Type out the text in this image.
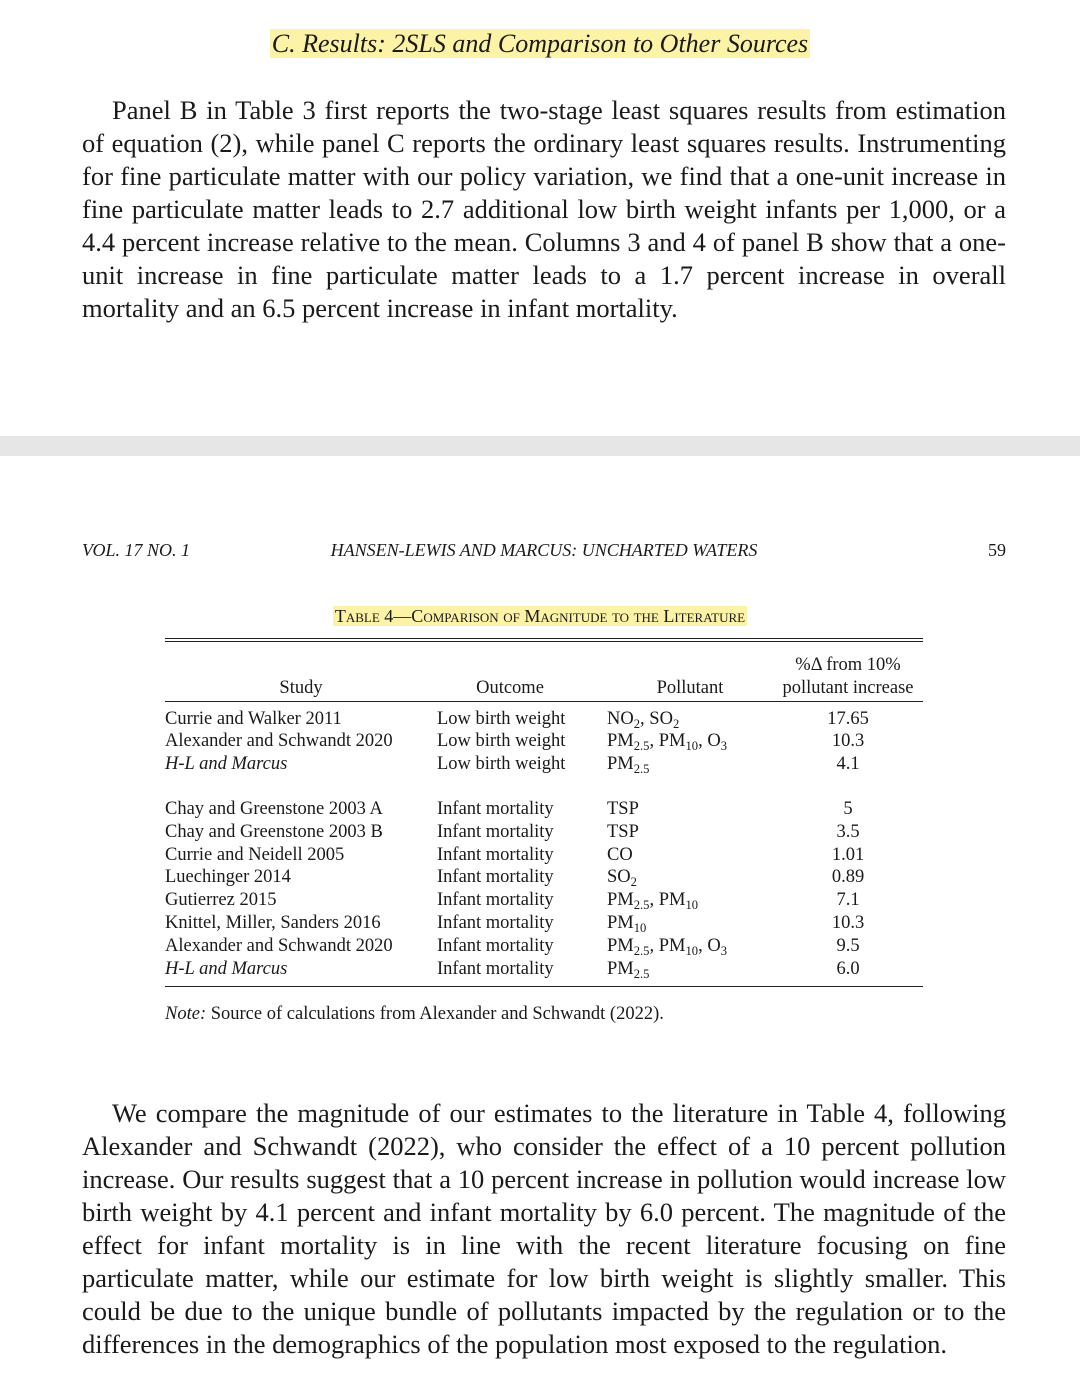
C. Results: 2SLS and Comparison to Other Sources

Panel B in Table 3 first reports the two-stage least squares results from estimation of equation (2), while panel C reports the ordinary least squares results. Instrumenting for fine particulate matter with our policy variation, we find that a one-unit increase in fine particulate matter leads to 2.7 additional low birth weight infants per 1,000, or a 4.4 percent increase relative to the mean. Columns 3 and 4 of panel B show that a one-unit increase in fine particulate matter leads to a 1.7 percent increase in overall mortality and an 6.5 percent increase in infant mortality.

VOL. 17 NO. 1	HANSEN-LEWIS AND MARCUS: UNCHARTED WATERS	59
Table 4—Comparison of Magnitude to the Literature
Study	Outcome	Pollutant
%Δ from 10%
pollutant increase
Currie and Walker 2011	Low birth weight	$NO_2$, $SO_2$	17.65
Alexander and Schwandt 2020	Low birth weight	$PM_{2.5}$, $PM_{10}$, $O_3$	10.3
H-L and Marcus	Low birth weight	$PM_{2.5}$	4.1
Chay and Greenstone 2003 A	Infant mortality	TSP	5
Chay and Greenstone 2003 B	Infant mortality	TSP	3.5
Currie and Neidell 2005	Infant mortality	CO	1.01
Luechinger 2014	Infant mortality	$SO_2$	0.89
Gutierrez 2015	Infant mortality	$PM_{2.5}$, $PM_{10}$	7.1
Knittel, Miller, Sanders 2016	Infant mortality	$PM_{10}$	10.3
Alexander and Schwandt 2020	Infant mortality	$PM_{2.5}$, $PM_{10}$, $O_3$	9.5
H-L and Marcus	Infant mortality	$PM_{2.5}$	6.0
Note: Source of calculations from Alexander and Schwandt (2022).

We compare the magnitude of our estimates to the literature in Table 4, following Alexander and Schwandt (2022), who consider the effect of a 10 percent pollution increase. Our results suggest that a 10 percent increase in pollution would increase low birth weight by 4.1 percent and infant mortality by 6.0 percent. The magnitude of the effect for infant mortality is in line with the recent literature focusing on fine particulate matter, while our estimate for low birth weight is slightly smaller. This could be due to the unique bundle of pollutants impacted by the regulation or to the differences in the demographics of the population most exposed to the regulation.
